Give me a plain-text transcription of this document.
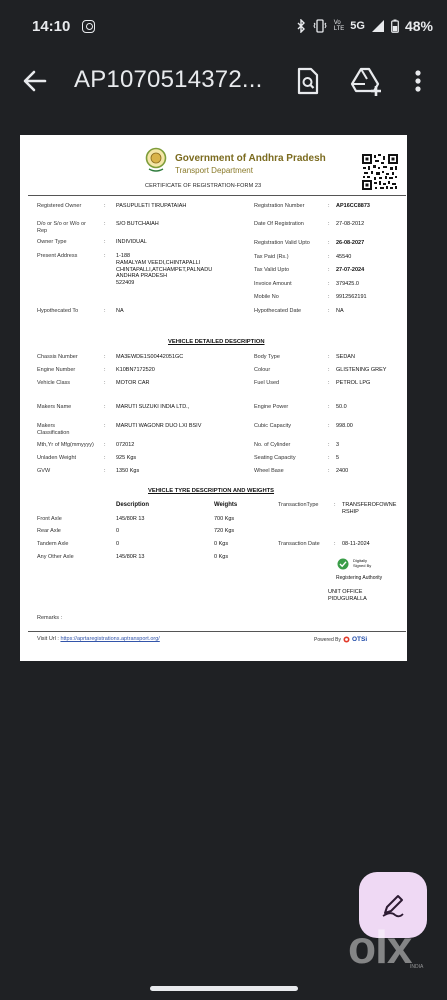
14:10	Vo
LTE 5G	48%
AP1070514372...
Government of Andhra Pradesh
Transport Department
CERTIFICATE OF REGISTRATION-FORM 23
Registered Owner	: PASUPULETI TIRUPATAIAH
D/o or S/o or W/o or
Rep
: S/O BUTCHAIAH
Owner Type	: INDIVIDUAL
Present Address	: 1-188
RAMALYAM VEEDI,CHINTAPALLI
CHINTAPALLI,ATCHAMPET,PALNADU
ANDHRA PRADESH
522409
Hypothecated To	: NA
Registration Number	: AP16CC8873
Date Of Registration	: 27-08-2012
Registration Valid Upto	: 26-08-2027
Tax Paid (Rs.)	: 45540
Tax Valid Upto	: 27-07-2024
Invoice Amount	: 379425.0
Mobile No	: 9912562191
Hypothecated Date	: NA
VEHICLE DETAILED DESCRIPTION
Chassis Number	: MA3EWDE1S00442051GC
Engine Number	: K10BN7172520
Vehicle Class	: MOTOR CAR
Makers Name	: MARUTI SUZUKI INDIA LTD.,
Makers
Classification
: MARUTI WAGONR DUO LXI BSIV
Mth,Yr of Mfg(mmyyyy) : 072012
Unladen Weight	: 925 Kgs
GVW	: 1350 Kgs
Body Type	: SEDAN
Colour	: GLISTENING GREY
Fuel Used	: PETROL LPG
Engine Power	: 50.0
Cubic Capacity	: 998.00
No. of Cylinder	: 3
Seating Capacity	: 5
Wheel Base	: 2400
VEHICLE TYRE DESCRIPTION AND WEIGHTS
Description	Weights
Front Axle	145/80R 13	700 Kgs
Rear Axle	0	720 Kgs
Tandem Axle	0	0 Kgs
Any Other Axle	145/80R 13	0 Kgs
TransactionType	: TRANSFEROFOWNE
RSHIP
Transaction Date	: 08-11-2024
Digitally
Signed By
Registering Authority
UNIT OFFICE
PIDUGURALLA
Remarks :
Visit Url : https://aprtaregistrations.aptransport.org/	Powered By OTSi
olx
INDIA
